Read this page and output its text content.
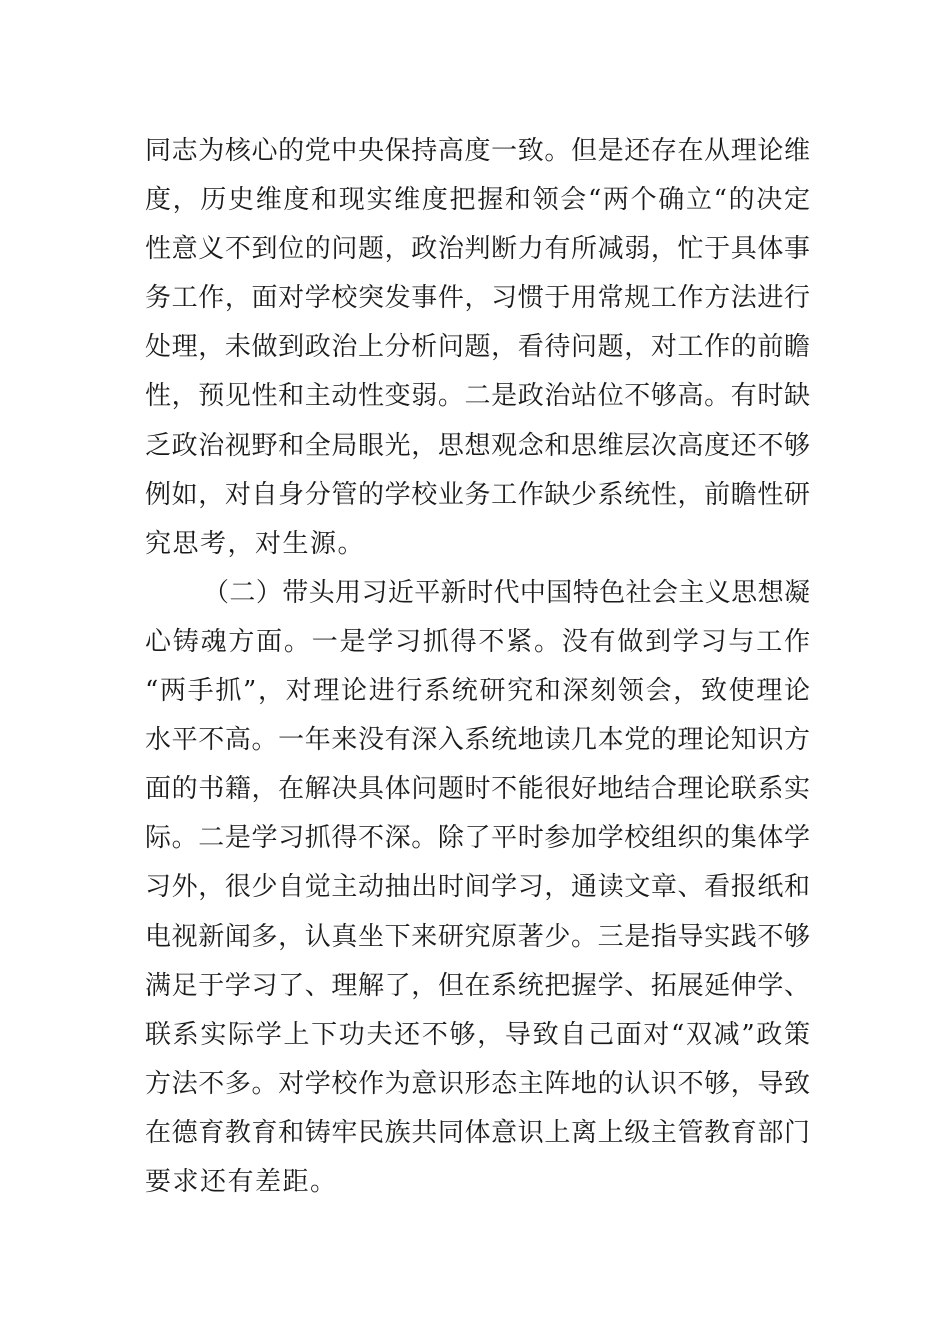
同志为核心的党中央保持高度一致。但是还存在从理论维
度，历史维度和现实维度把握和领会“两个确立“的决定
性意义不到位的问题，政治判断力有所减弱，忙于具体事
务工作，面对学校突发事件，习惯于用常规工作方法进行
处理，未做到政治上分析问题，看待问题，对工作的前瞻
性，预见性和主动性变弱。二是政治站位不够高。有时缺
乏政治视野和全局眼光，思想观念和思维层次高度还不够
例如，对自身分管的学校业务工作缺少系统性，前瞻性研
究思考，对生源。
（二）带头用习近平新时代中国特色社会主义思想凝
心铸魂方面。一是学习抓得不紧。没有做到学习与工作
“两手抓”，对理论进行系统研究和深刻领会，致使理论
水平不高。一年来没有深入系统地读几本党的理论知识方
面的书籍，在解决具体问题时不能很好地结合理论联系实
际。二是学习抓得不深。除了平时参加学校组织的集体学
习外，很少自觉主动抽出时间学习，通读文章、看报纸和
电视新闻多，认真坐下来研究原著少。三是指导实践不够
满足于学习了、理解了，但在系统把握学、拓展延伸学、
联系实际学上下功夫还不够，导致自己面对“双减”政策
方法不多。对学校作为意识形态主阵地的认识不够，导致
在德育教育和铸牢民族共同体意识上离上级主管教育部门
要求还有差距。
